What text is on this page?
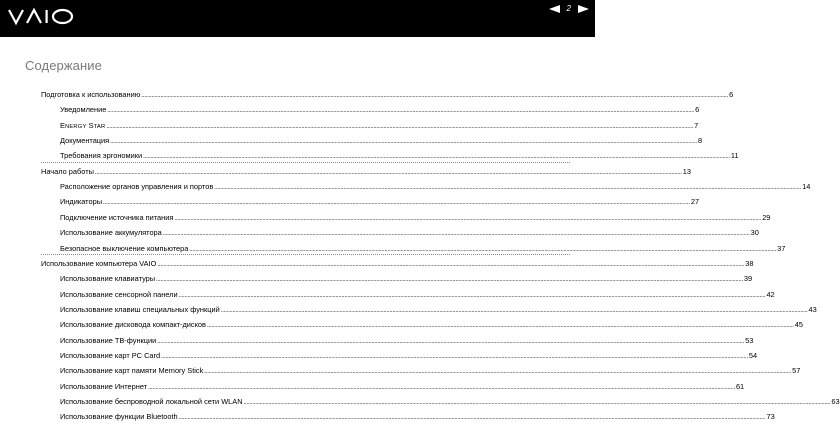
2
Содержание
Подготовка к использованию ................................................................................................................................................................................................................................................................................................................................................................................................................ 6
Уведомление ................................................................................................................................................................................................................................................................................................................................................................................................................ 6
ENERGY STAR ................................................................................................................................................................................................................................................................................................................................................................................................................ 7
Документация ................................................................................................................................................................................................................................................................................................................................................................................................................ 8
Требования эргономики ................................................................................................................................................................................................................................................................................................................................................................................................................ 11
Начало работы ................................................................................................................................................................................................................................................................................................................................................................................................................ 13
Расположение органов управления и портов ................................................................................................................................................................................................................................................................................................................................................................................................................ 14
Индикаторы ................................................................................................................................................................................................................................................................................................................................................................................................................ 27
Подключение источника питания ................................................................................................................................................................................................................................................................................................................................................................................................................ 29
Использование аккумулятора ................................................................................................................................................................................................................................................................................................................................................................................................................ 30
Безопасное выключение компьютера ................................................................................................................................................................................................................................................................................................................................................................................................................ 37
Использование компьютера VAIO ................................................................................................................................................................................................................................................................................................................................................................................................................ 38
Использование клавиатуры ................................................................................................................................................................................................................................................................................................................................................................................................................ 39
Использование сенсорной панели ................................................................................................................................................................................................................................................................................................................................................................................................................ 42
Использование клавиш специальных функций ................................................................................................................................................................................................................................................................................................................................................................................................................ 43
Использование дисковода компакт-дисков ................................................................................................................................................................................................................................................................................................................................................................................................................ 45
Использование ТВ-функции ................................................................................................................................................................................................................................................................................................................................................................................................................ 53
Использование карт PC Card ................................................................................................................................................................................................................................................................................................................................................................................................................ 54
Использование карт памяти Memory Stick ................................................................................................................................................................................................................................................................................................................................................................................................................ 57
Использование Интернет ................................................................................................................................................................................................................................................................................................................................................................................................................ 61
Использование беспроводной локальной сети WLAN ................................................................................................................................................................................................................................................................................................................................................................................................................ 63
Использование функции Bluetooth ................................................................................................................................................................................................................................................................................................................................................................................................................ 73
